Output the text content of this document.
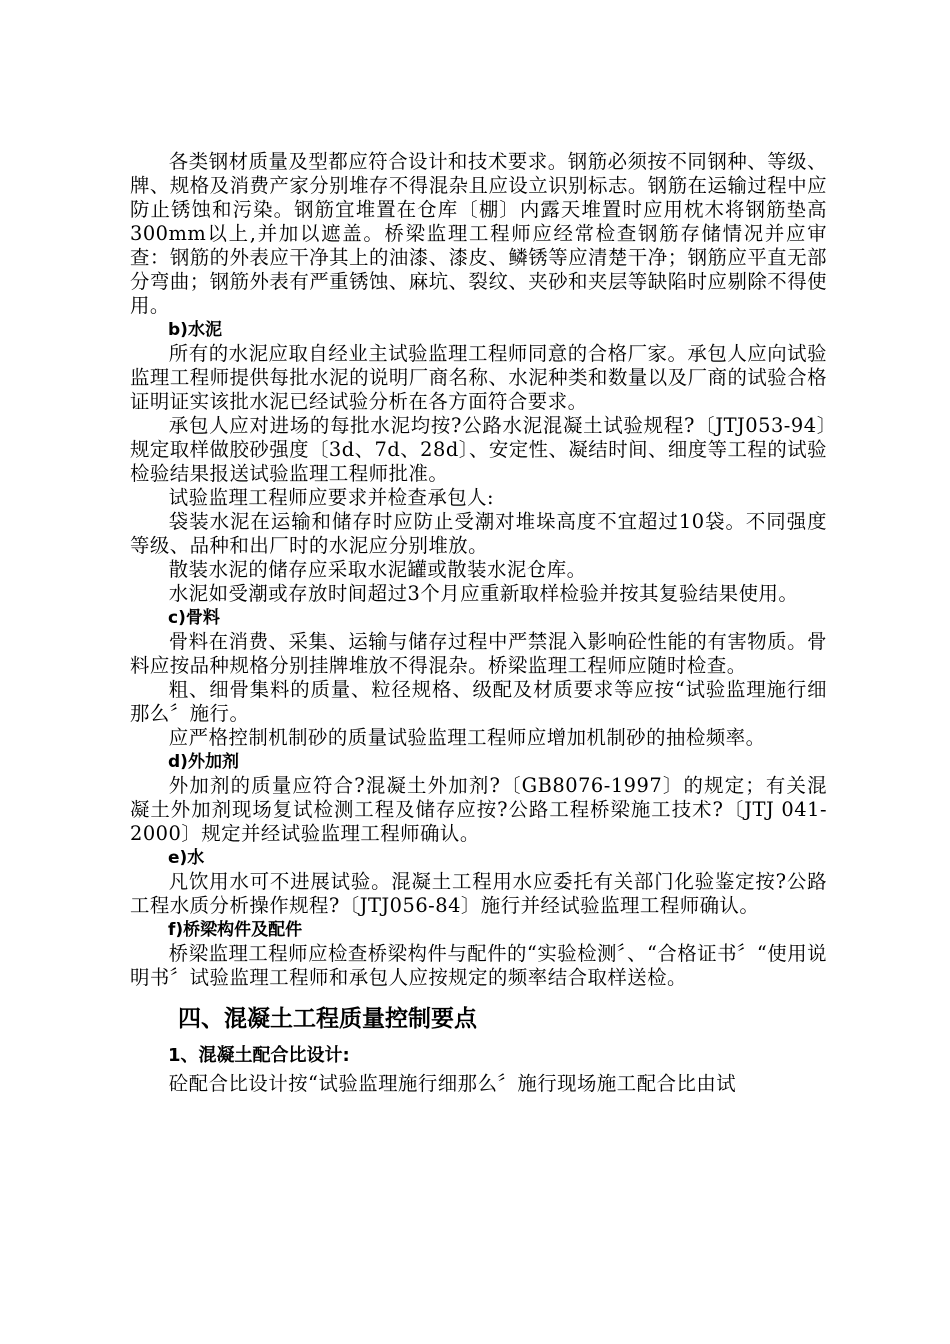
各类钢材质量及型都应符合设计和技术要求。钢筋必须按不同钢种、等级、牌、规格及消费产家分别堆存不得混杂且应设立识别标志。钢筋在运输过程中应防止锈蚀和污染。钢筋宜堆置在仓库〔棚〕内露天堆置时应用枕木将钢筋垫高300mm以上,并加以遮盖。桥梁监理工程师应经常检查钢筋存储情况并应审查：钢筋的外表应干净其上的油漆、漆皮、鳞锈等应清楚干净；钢筋应平直无部分弯曲；钢筋外表有严重锈蚀、麻坑、裂纹、夹砂和夹层等缺陷时应剔除不得使用。

b)水泥

所有的水泥应取自经业主试验监理工程师同意的合格厂家。承包人应向试验监理工程师提供每批水泥的说明厂商名称、水泥种类和数量以及厂商的试验合格证明证实该批水泥已经试验分析在各方面符合要求。

承包人应对进场的每批水泥均按?公路水泥混凝土试验规程?〔JTJ053-94〕规定取样做胶砂强度〔3d、7d、28d〕、安定性、凝结时间、细度等工程的试验检验结果报送试验监理工程师批准。

试验监理工程师应要求并检查承包人:

袋装水泥在运输和储存时应防止受潮对堆垛高度不宜超过10袋。不同强度等级、品种和出厂时的水泥应分别堆放。

散装水泥的储存应采取水泥罐或散装水泥仓库。

水泥如受潮或存放时间超过3个月应重新取样检验并按其复验结果使用。

c)骨料

骨料在消费、采集、运输与储存过程中严禁混入影响砼性能的有害物质。骨料应按品种规格分别挂牌堆放不得混杂。桥梁监理工程师应随时检查。

粗、细骨集料的质量、粒径规格、级配及材质要求等应按“试验监理施行细那么〞施行。

应严格控制机制砂的质量试验监理工程师应增加机制砂的抽检频率。

d)外加剂

外加剂的质量应符合?混凝土外加剂?〔GB8076-1997〕的规定；有关混凝土外加剂现场复试检测工程及储存应按?公路工程桥梁施工技术?〔JTJ 041-2000〕规定并经试验监理工程师确认。

e)水

凡饮用水可不进展试验。混凝土工程用水应委托有关部门化验鉴定按?公路工程水质分析操作规程?〔JTJ056-84〕施行并经试验监理工程师确认。

f)桥梁构件及配件

桥梁监理工程师应检查桥梁构件与配件的“实验检测〞、“合格证书〞“使用说明书〞试验监理工程师和承包人应按规定的频率结合取样送检。

四、混凝土工程质量控制要点

1、混凝土配合比设计:

砼配合比设计按“试验监理施行细那么〞施行现场施工配合比由试
